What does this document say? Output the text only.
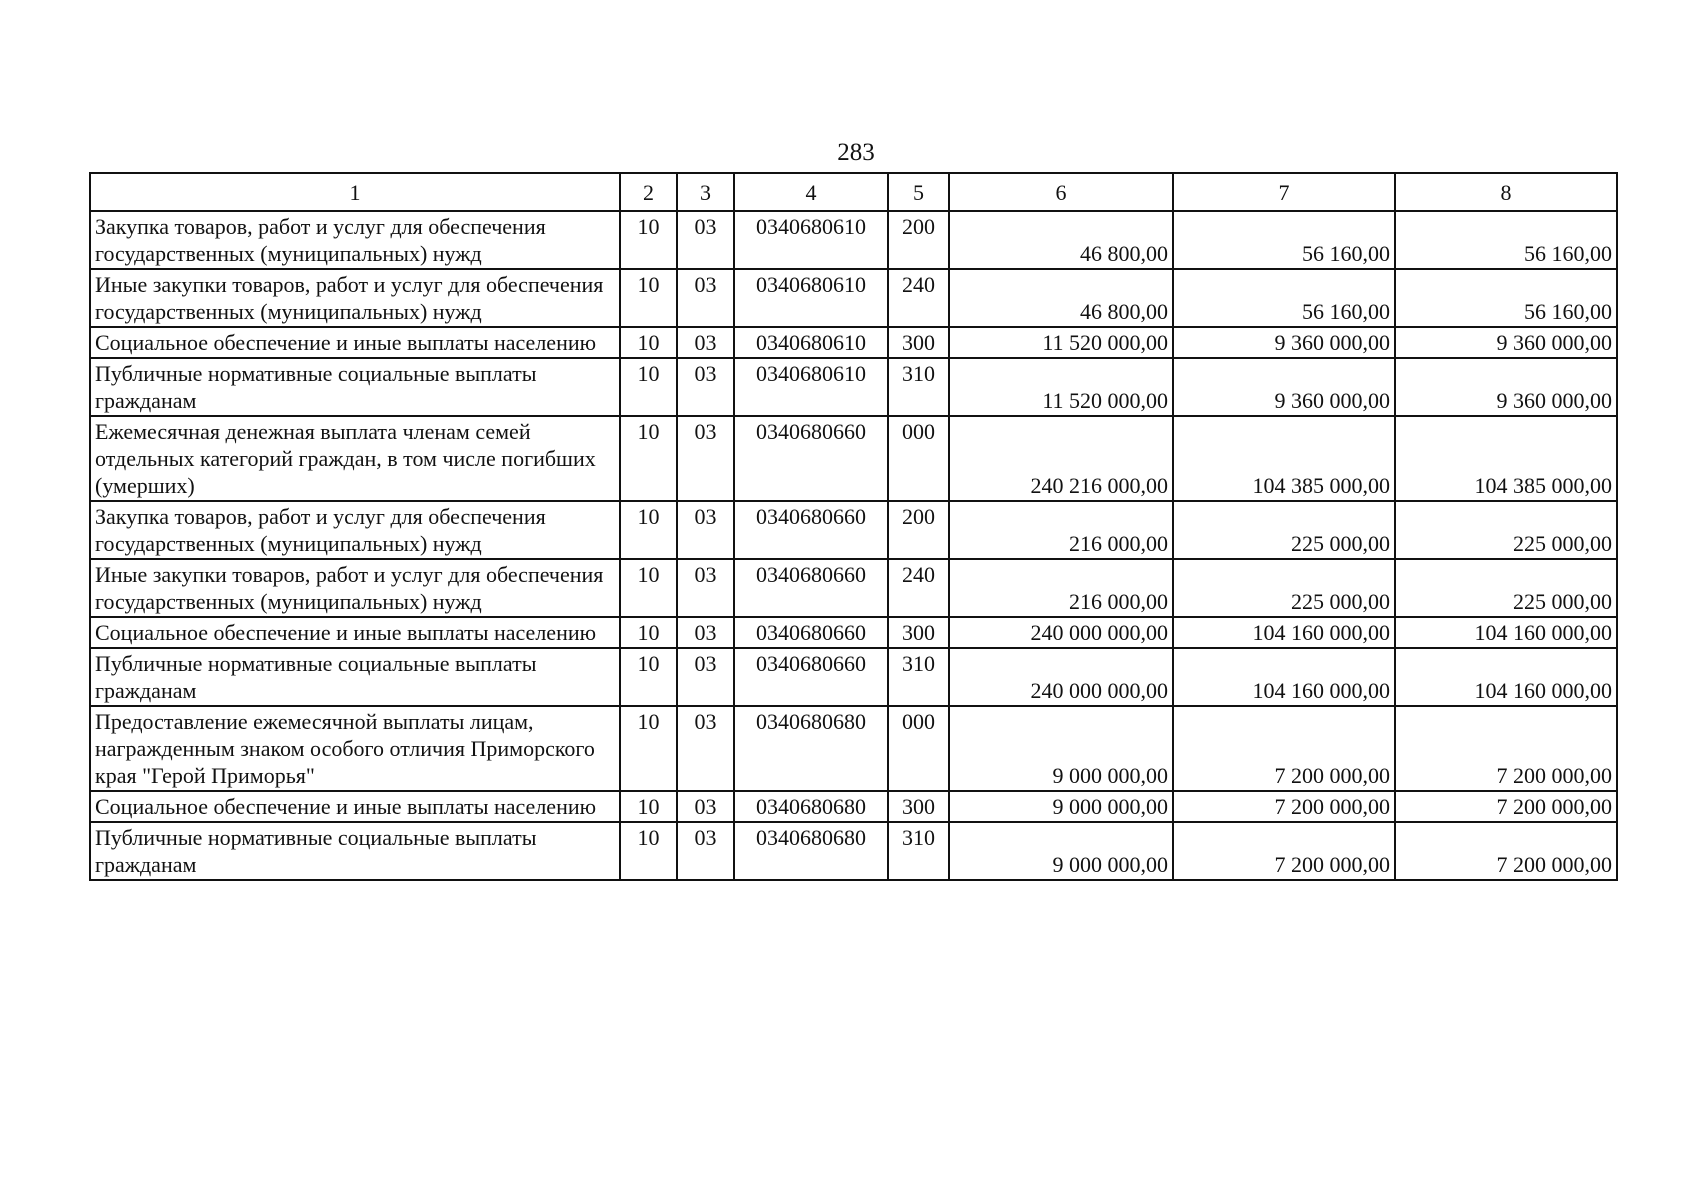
283
1	2	3	4	5	6	7	8
Закупка товаров, работ и услуг для обеспечения государственных (муниципальных) нужд	10	03	0340680610	200	46 800,00	56 160,00	56 160,00
Иные закупки товаров, работ и услуг для обеспечения государственных (муниципальных) нужд	10	03	0340680610	240	46 800,00	56 160,00	56 160,00
Социальное обеспечение и иные выплаты населению	10	03	0340680610	300	11 520 000,00	9 360 000,00	9 360 000,00
Публичные нормативные социальные выплаты гражданам	10	03	0340680610	310	11 520 000,00	9 360 000,00	9 360 000,00
Ежемесячная денежная выплата членам семей отдельных категорий граждан, в том числе погибших (умерших)	10	03	0340680660	000	240 216 000,00	104 385 000,00	104 385 000,00
Закупка товаров, работ и услуг для обеспечения государственных (муниципальных) нужд	10	03	0340680660	200	216 000,00	225 000,00	225 000,00
Иные закупки товаров, работ и услуг для обеспечения государственных (муниципальных) нужд	10	03	0340680660	240	216 000,00	225 000,00	225 000,00
Социальное обеспечение и иные выплаты населению	10	03	0340680660	300	240 000 000,00	104 160 000,00	104 160 000,00
Публичные нормативные социальные выплаты гражданам	10	03	0340680660	310	240 000 000,00	104 160 000,00	104 160 000,00
Предоставление ежемесячной выплаты лицам, награжденным знаком особого отличия Приморского края "Герой Приморья"	10	03	0340680680	000	9 000 000,00	7 200 000,00	7 200 000,00
Социальное обеспечение и иные выплаты населению	10	03	0340680680	300	9 000 000,00	7 200 000,00	7 200 000,00
Публичные нормативные социальные выплаты гражданам	10	03	0340680680	310	9 000 000,00	7 200 000,00	7 200 000,00
